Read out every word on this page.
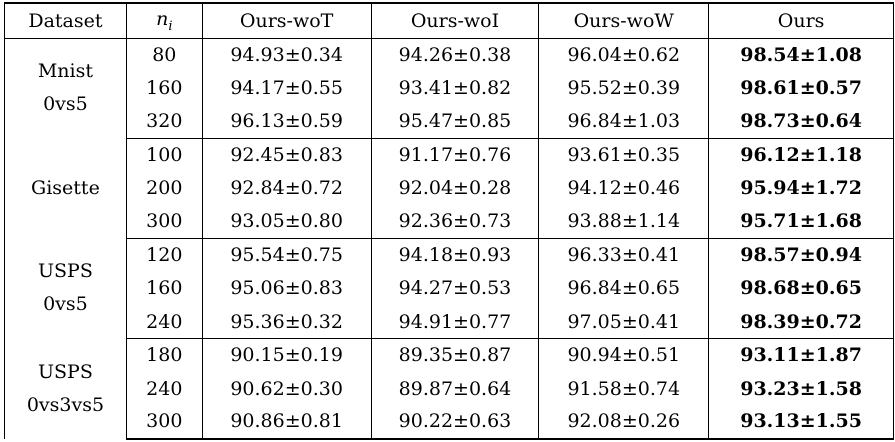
Dataset	$n_i$	Ours-woT	Ours-woI	Ours-woW	Ours

Mnist
0vs5	80	94.93±0.34	94.26±0.38	96.04±0.62	98.54±1.08
	160	94.17±0.55	93.41±0.82	95.52±0.39	98.61±0.57
	320	96.13±0.59	95.47±0.85	96.84±1.03	98.73±0.64

Gisette	100	92.45±0.83	91.17±0.76	93.61±0.35	96.12±1.18
	200	92.84±0.72	92.04±0.28	94.12±0.46	95.94±1.72
	300	93.05±0.80	92.36±0.73	93.88±1.14	95.71±1.68

USPS
0vs5	120	95.54±0.75	94.18±0.93	96.33±0.41	98.57±0.94
	160	95.06±0.83	94.27±0.53	96.84±0.65	98.68±0.65
	240	95.36±0.32	94.91±0.77	97.05±0.41	98.39±0.72

USPS
0vs3vs5	180	90.15±0.19	89.35±0.87	90.94±0.51	93.11±1.87
	240	90.62±0.30	89.87±0.64	91.58±0.74	93.23±1.58
	300	90.86±0.81	90.22±0.63	92.08±0.26	93.13±1.55
